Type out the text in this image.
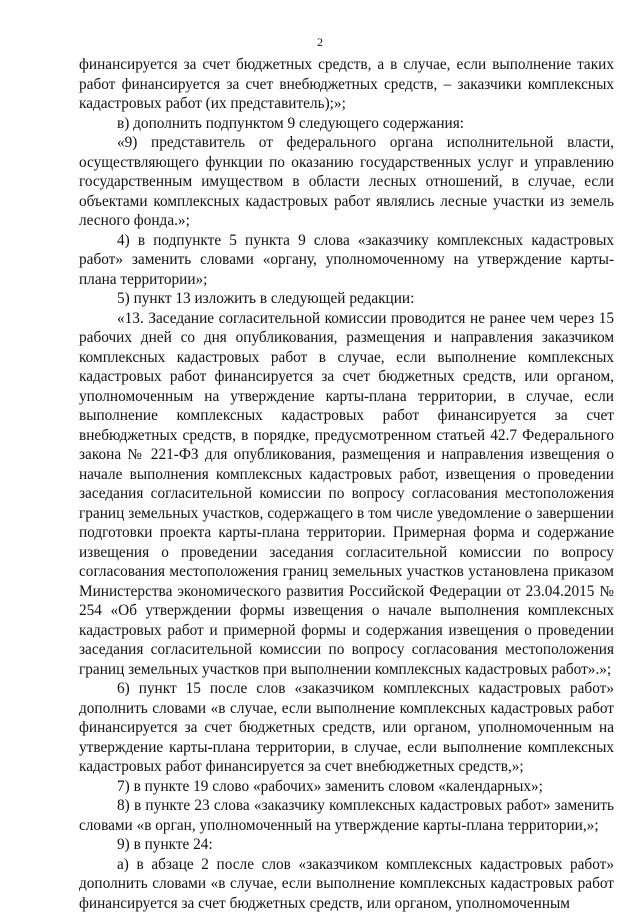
2

финансируется за счет бюджетных средств, а в случае, если выполнение таких работ финансируется за счет внебюджетных средств, – заказчики комплексных кадастровых работ (их представитель);»;

в) дополнить подпунктом 9 следующего содержания:

«9) представитель от федерального органа исполнительной власти, осуществляющего функции по оказанию государственных услуг и управлению государственным имуществом в области лесных отношений, в случае, если объектами комплексных кадастровых работ являлись лесные участки из земель лесного фонда.»;

4) в подпункте 5 пункта 9 слова «заказчику комплексных кадастровых работ» заменить словами «органу, уполномоченному на утверждение карты-плана территории»;

5) пункт 13 изложить в следующей редакции:

«13. Заседание согласительной комиссии проводится не ранее чем через 15 рабочих дней со дня опубликования, размещения и направления заказчиком комплексных кадастровых работ в случае, если выполнение комплексных кадастровых работ финансируется за счет бюджетных средств, или органом, уполномоченным на утверждение карты-плана территории, в случае, если выполнение комплексных кадастровых работ финансируется за счет внебюджетных средств, в порядке, предусмотренном статьей 42.7 Федерального закона № 221-ФЗ для опубликования, размещения и направления извещения о начале выполнения комплексных кадастровых работ, извещения о проведении заседания согласительной комиссии по вопросу согласования местоположения границ земельных участков, содержащего в том числе уведомление о завершении подготовки проекта карты-плана территории. Примерная форма и содержание извещения о проведении заседания согласительной комиссии по вопросу согласования местоположения границ земельных участков установлена приказом Министерства экономического развития Российской Федерации от 23.04.2015 № 254 «Об утверждении формы извещения о начале выполнения комплексных кадастровых работ и примерной формы и содержания извещения о проведении заседания согласительной комиссии по вопросу согласования местоположения границ земельных участков при выполнении комплексных кадастровых работ».»;

6) пункт 15 после слов «заказчиком комплексных кадастровых работ» дополнить словами «в случае, если выполнение комплексных кадастровых работ финансируется за счет бюджетных средств, или органом, уполномоченным на утверждение карты-плана территории, в случае, если выполнение комплексных кадастровых работ финансируется за счет внебюджетных средств,»;

7) в пункте 19 слово «рабочих» заменить словом «календарных»;

8) в пункте 23 слова «заказчику комплексных кадастровых работ» заменить словами «в орган, уполномоченный на утверждение карты-плана территории,»;

9) в пункте 24:

а) в абзаце 2 после слов «заказчиком комплексных кадастровых работ» дополнить словами «в случае, если выполнение комплексных кадастровых работ финансируется за счет бюджетных средств, или органом, уполномоченным
